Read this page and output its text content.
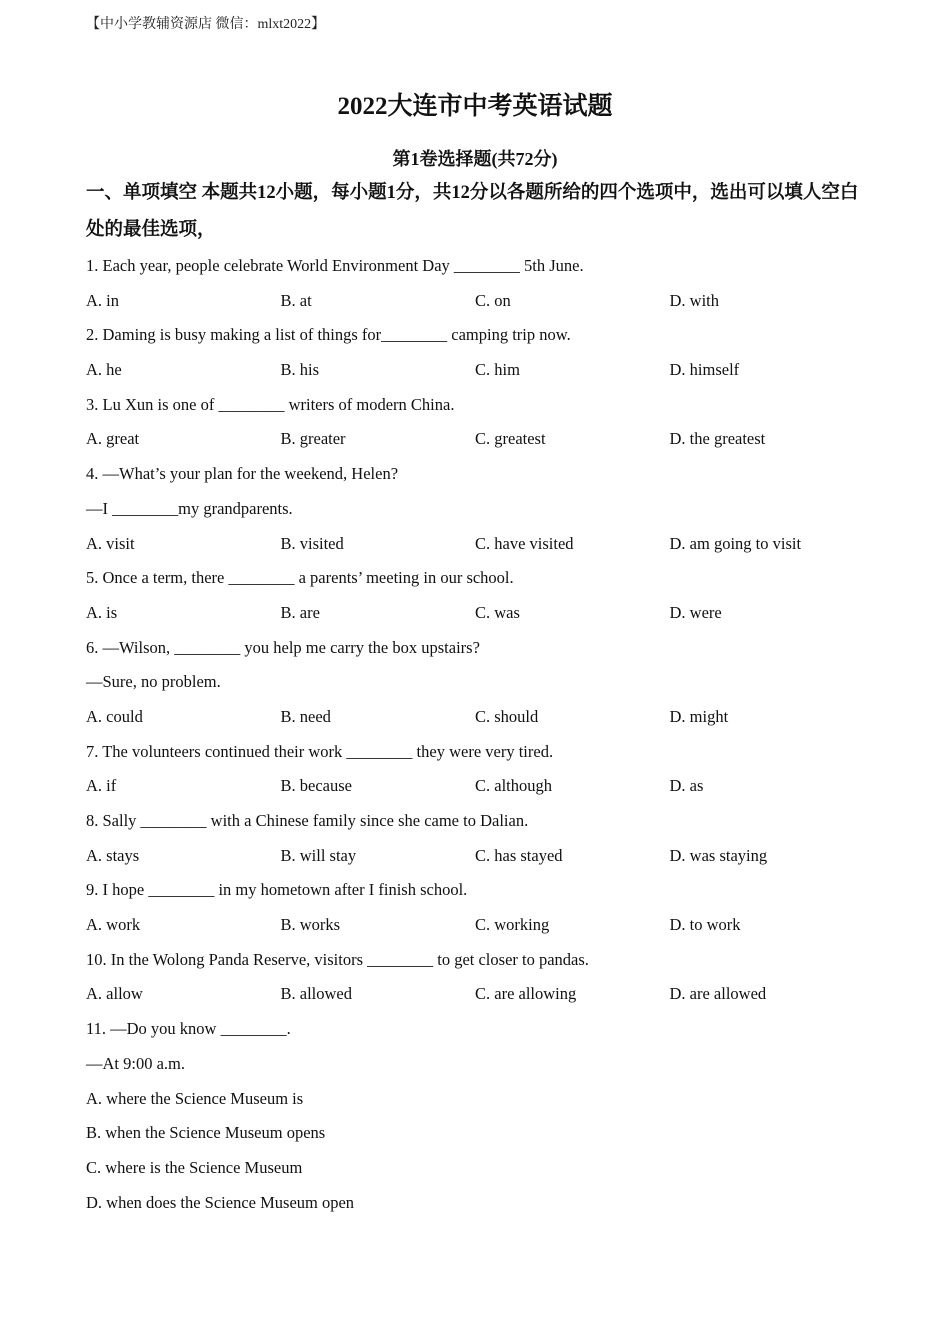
【中小学教辅资源店 微信：mlxt2022】
2022大连市中考英语试题
第1卷选择题(共72分)
一、单项填空 本题共12小题，每小题1分，共12分以各题所给的四个选项中，选出可以填人空白处的最佳选项，
1. Each year, people celebrate World Environment Day ________ 5th June.
A. in	B. at	C. on	D. with
2. Daming is busy making a list of things for________ camping trip now.
A. he	B. his	C. him	D. himself
3. Lu Xun is one of ________ writers of modern China.
A. great	B. greater	C. greatest	D. the greatest
4. —What’s your plan for the weekend, Helen?
—I ________my grandparents.
A. visit	B. visited	C. have visited	D. am going to visit
5. Once a term, there ________ a parents’ meeting in our school.
A. is	B. are	C. was	D. were
6. —Wilson, ________ you help me carry the box upstairs?
—Sure, no problem.
A. could	B. need	C. should	D. might
7. The volunteers continued their work ________ they were very tired.
A. if	B. because	C. although	D. as
8. Sally ________ with a Chinese family since she came to Dalian.
A. stays	B. will stay	C. has stayed	D. was staying
9. I hope ________ in my hometown after I finish school.
A. work	B. works	C. working	D. to work
10. In the Wolong Panda Reserve, visitors ________ to get closer to pandas.
A. allow	B. allowed	C. are allowing	D. are allowed
11. —Do you know ________.
—At 9:00 a.m.
A. where the Science Museum is
B. when the Science Museum opens
C. where is the Science Museum
D. when does the Science Museum open
